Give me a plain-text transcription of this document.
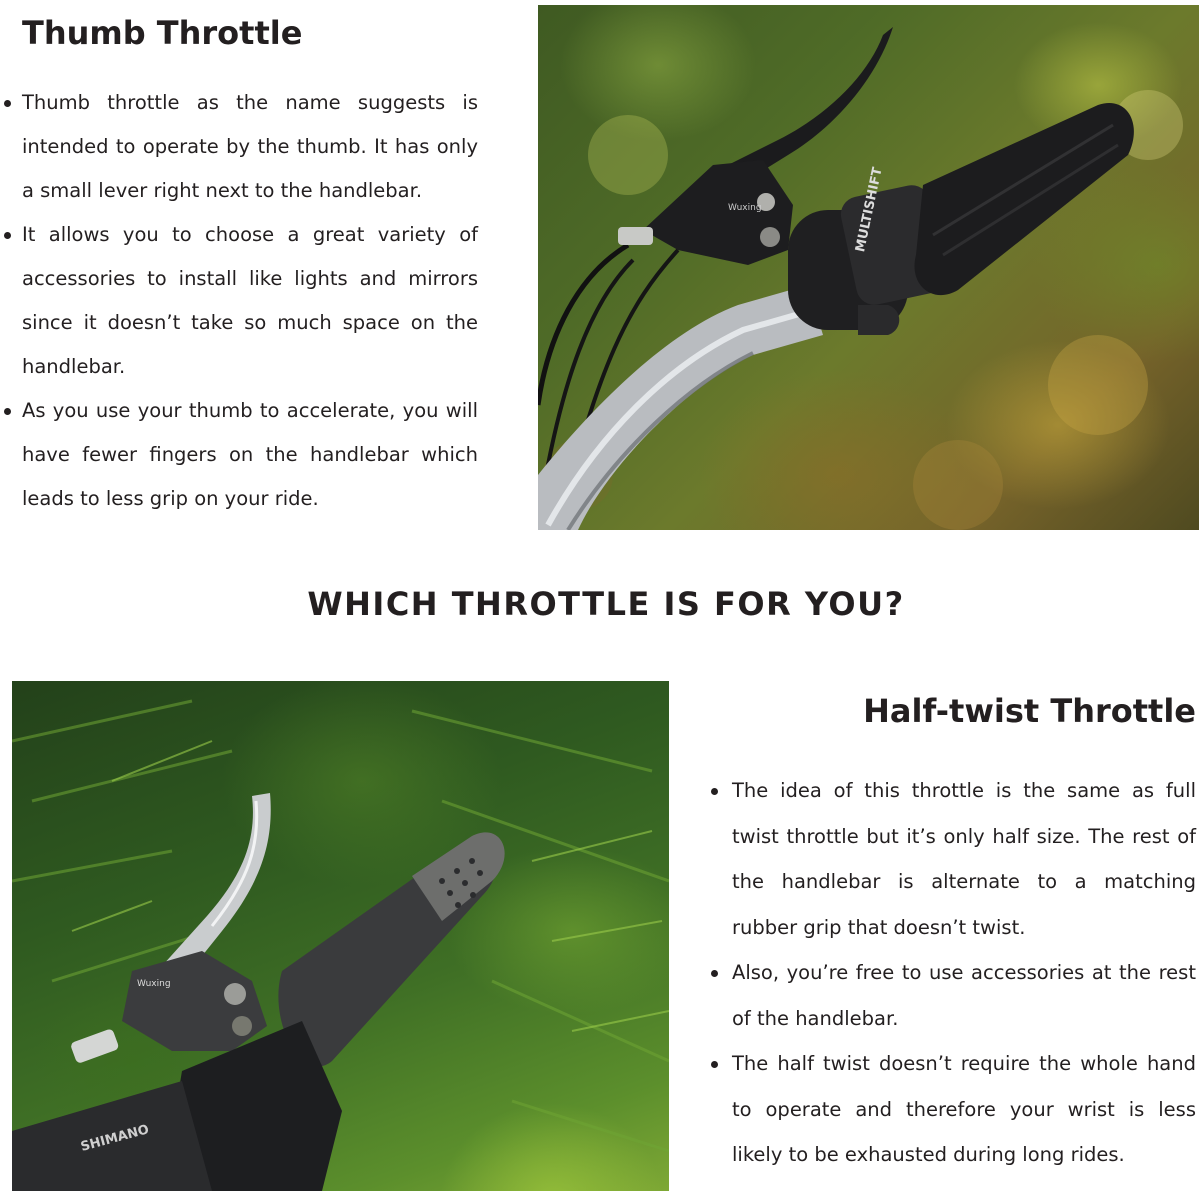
Thumb Throttle
Thumb throttle as the name suggests is intended to operate by the thumb. It has only a small lever right next to the handlebar.
It allows you to choose a great variety of accessories to install like lights and mirrors since it doesn’t take so much space on the handlebar.
As you use your thumb to accelerate, you will have fewer fingers on the handlebar which leads to less grip on your ride.
MULTISHIFT
Wuxing
WHICH THROTTLE IS FOR YOU?
Wuxing
SHIMANO
Half-twist Throttle
The idea of this throttle is the same as full twist throttle but it’s only half size. The rest of the handlebar is alternate to a matching rubber grip that doesn’t twist.
Also, you’re free to use accessories at the rest of the handlebar.
The half twist doesn’t require the whole hand to operate and therefore your wrist is less likely to be exhausted during long rides.
